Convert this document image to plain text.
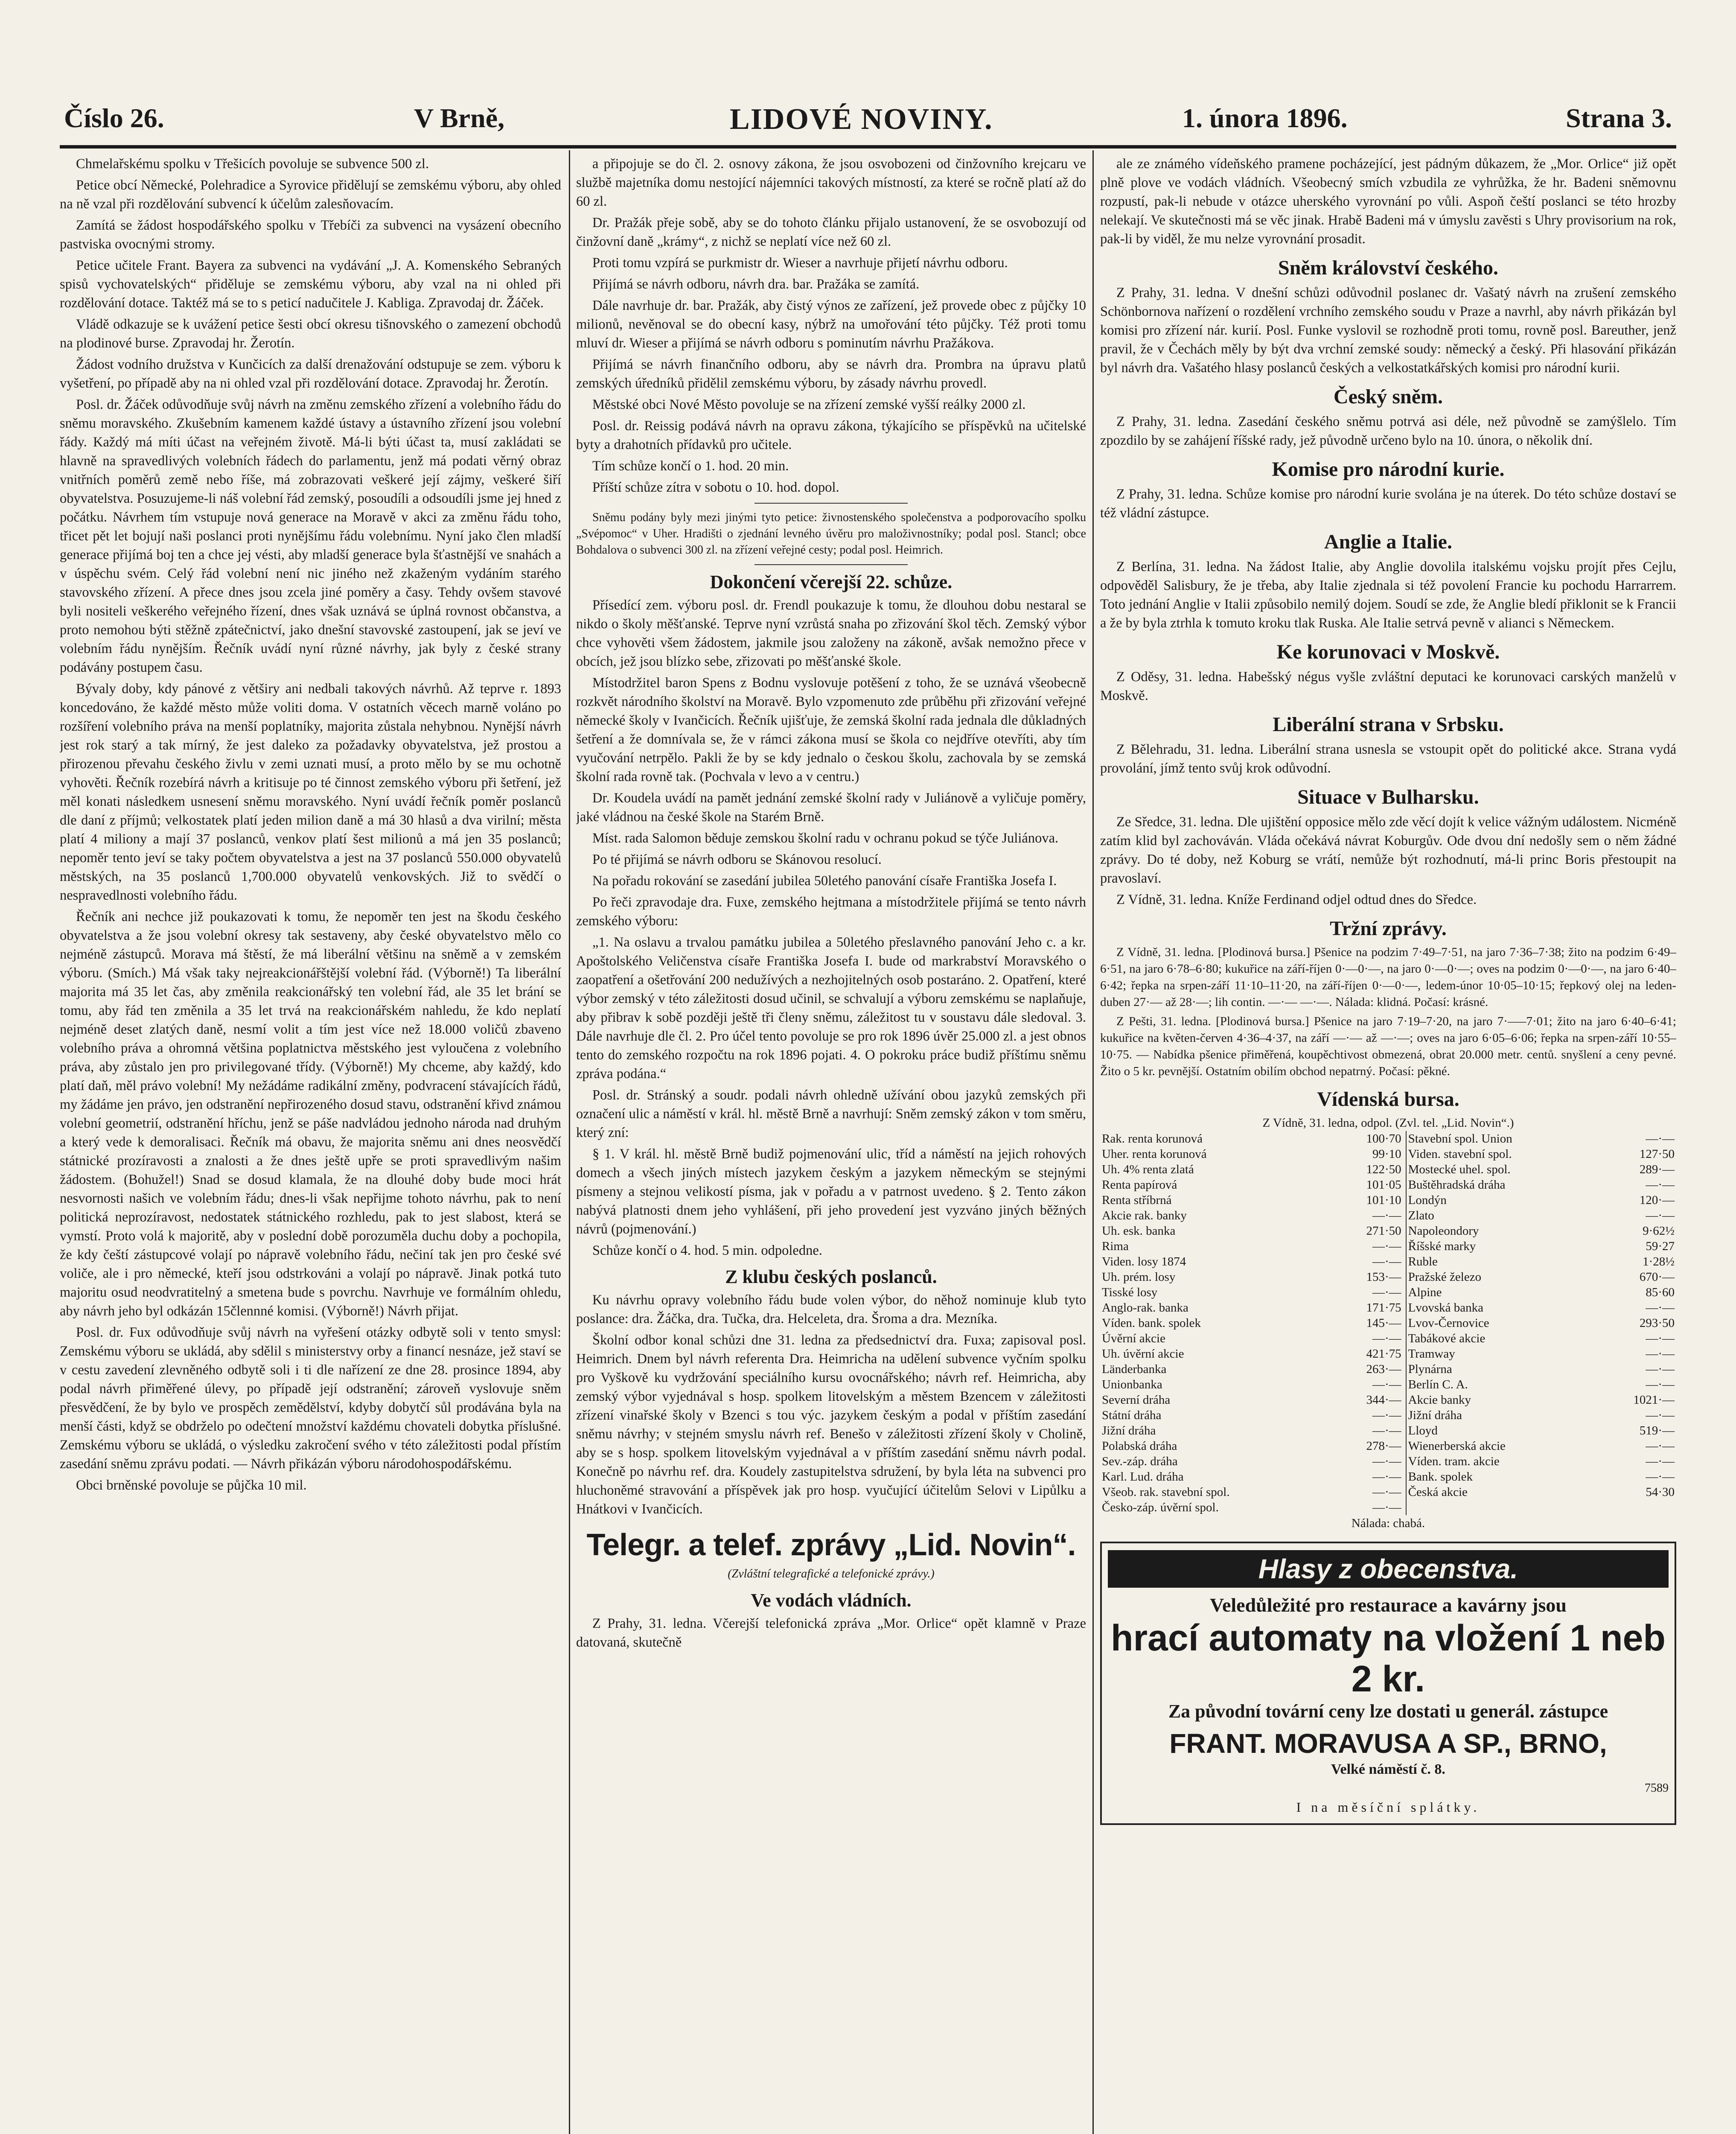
Číslo 26.	V Brně,	LIDOVÉ NOVINY.	1. února 1896.	Strana 3.

Chmelařskému spolku v Třešicích povoluje se subvence 500 zl.

Petice obcí Německé, Polehradice a Syrovice přidělují se zemskému výboru, aby ohled na ně vzal při rozdělování subvencí k účelům zalesňovacím.

Zamítá se žádost hospodářského spolku v Třebíči za subvenci na vysázení obecního pastviska ovocnými stromy.

Petice učitele Frant. Bayera za subvenci na vydávání „J. A. Komenského Sebraných spisů vychovatelských“ přiděluje se zemskému výboru, aby vzal na ni ohled při rozdělování dotace. Taktéž má se to s peticí nadučitele J. Kabliga. Zpravodaj dr. Žáček.

Vládě odkazuje se k uvážení petice šesti obcí okresu tišnovského o zamezení obchodů na plodinové burse. Zpravodaj hr. Žerotín.

Žádost vodního družstva v Kunčicích za další drenažování odstupuje se zem. výboru k vyšetření, po případě aby na ni ohled vzal při rozdělování dotace. Zpravodaj hr. Žerotín.

Posl. dr. Žáček odůvodňuje svůj návrh na změnu zemského zřízení a volebního řádu do sněmu moravského. Zkušebním kamenem každé ústavy a ústavního zřízení jsou volební řády. Každý má míti účast na veřejném životě. Má-li býti účast ta, musí zakládati se hlavně na spravedlivých volebních řádech do parlamentu, jenž má podati věrný obraz vnitřních poměrů země nebo říše, má zobrazovati veškeré její zájmy, veškeré šiří obyvatelstva. Posuzujeme-li náš volební řád zemský, posoudíli a odsoudíli jsme jej hned z počátku. Návrhem tím vstupuje nová generace na Moravě v akci za změnu řádu toho, třicet pět let bojují naši poslanci proti nynějšímu řádu volebnímu. Nyní jako člen mladší generace přijímá boj ten a chce jej vésti, aby mladší generace byla šťastnější ve snahách a v úspěchu svém. Celý řád volební není nic jiného než zkaženým vydáním starého stavovského zřízení. A přece dnes jsou zcela jiné poměry a časy. Tehdy ovšem stavové byli nositeli veškerého veřejného řízení, dnes však uznává se úplná rovnost občanstva, a proto nemohou býti stěžně zpátečnictví, jako dnešní stavovské zastoupení, jak se jeví ve volebním řádu nynějším. Řečník uvádí nyní různé návrhy, jak byly z české strany podávány postupem času.

Bývaly doby, kdy pánové z větširy ani nedbali takových návrhů. Až teprve r. 1893 koncedováno, že každé město může voliti doma. V ostatních věcech marně voláno po rozšíření volebního práva na menší poplatníky, majorita zůstala nehybnou. Nynější návrh jest rok starý a tak mírný, že jest daleko za požadavky obyvatelstva, jež prostou a přirozenou převahu českého živlu v zemi uznati musí, a proto mělo by se mu ochotně vyhověti. Řečník rozebírá návrh a kritisuje po té činnost zemského výboru při šetření, jež měl konati následkem usnesení sněmu moravského. Nyní uvádí řečník poměr poslanců dle daní z příjmů; velkostatek platí jeden milion daně a má 30 hlasů a dva virilní; města platí 4 miliony a mají 37 poslanců, venkov platí šest milionů a má jen 35 poslanců; nepoměr tento jeví se taky počtem obyvatelstva a jest na 37 poslanců 550.000 obyvatelů městských, na 35 poslanců 1,700.000 obyvatelů venkovských. Již to svědčí o nespravedlnosti volebního řádu.

Řečník ani nechce již poukazovati k tomu, že nepoměr ten jest na škodu českého obyvatelstva a že jsou volební okresy tak sestaveny, aby české obyvatelstvo mělo co nejméně zástupců. Morava má štěstí, že má liberální většinu na sněmě a v zemském výboru. (Smích.) Má však taky nejreakcionářštější volební řád. (Výborně!) Ta liberální majorita má 35 let čas, aby změnila reakcionářský ten volební řád, ale 35 let brání se tomu, aby řád ten změnila a 35 let trvá na reakcionářském nahledu, že kdo neplatí nejméně deset zlatých daně, nesmí volit a tím jest více než 18.000 voličů zbaveno volebního práva a ohromná většina poplatnictva městského jest vyloučena z volebního práva, aby zůstalo jen pro privilegované třídy. (Výborně!) My chceme, aby každý, kdo platí daň, měl právo volební! My nežádáme radikální změny, podvracení stávajících řádů, my žádáme jen právo, jen odstranění nepřirozeného dosud stavu, odstranění křivd známou volební geometrií, odstranění hříchu, jenž se páše nadvládou jednoho národa nad druhým a který vede k demoralisaci. Řečník má obavu, že majorita sněmu ani dnes neosvědčí státnické prozíravosti a znalosti a že dnes ještě upře se proti spravedlivým našim žádostem. (Bohužel!) Snad se dosud klamala, že na dlouhé doby bude moci hrát nesvornosti našich ve volebním řádu; dnes-li však nepřijme tohoto návrhu, pak to není politická neprozíravost, nedostatek státnického rozhledu, pak to jest slabost, která se vymstí. Proto volá k majoritě, aby v poslední době porozuměla duchu doby a pochopila, že kdy čeští zástupcové volají po nápravě volebního řádu, nečiní tak jen pro české své voliče, ale i pro německé, kteří jsou odstrkováni a volají po nápravě. Jinak potká tuto majoritu osud neodvratitelný a smetena bude s povrchu. Navrhuje ve formálním ohledu, aby návrh jeho byl odkázán 15člennné komisi. (Výborně!) Návrh přijat.

Posl. dr. Fux odůvodňuje svůj návrh na vyřešení otázky odbytě soli v tento smysl: Zemskému výboru se ukládá, aby sdělil s ministerstvy orby a financí nesnáze, jež staví se v cestu zavedení zlevněného odbytě soli i ti dle nařízení ze dne 28. prosince 1894, aby podal návrh přiměřené úlevy, po případě její odstranění; zároveň vyslovuje sněm přesvědčení, že by bylo ve prospěch zemědělství, kdyby dobytčí sůl prodávána byla na menší části, když se obdrželo po odečtení množství každému chovateli dobytka příslušné. Zemskému výboru se ukládá, o výsledku zakročení svého v této záležitosti podal přístím zasedání sněmu zprávu podati. — Návrh přikázán výboru národohospodářskému.

Obci brněnské povoluje se půjčka 10 mil.

a připojuje se do čl. 2. osnovy zákona, že jsou osvobozeni od činžovního krejcaru ve službě majetníka domu nestojící nájemníci takových místností, za které se ročně platí až do 60 zl.

Dr. Pražák přeje sobě, aby se do tohoto článku přijalo ustanovení, že se osvobozují od činžovní daně „krámy“, z nichž se neplatí více než 60 zl.

Proti tomu vzpírá se purkmistr dr. Wieser a navrhuje přijetí návrhu odboru.

Přijímá se návrh odboru, návrh dra. bar. Pražáka se zamítá.

Dále navrhuje dr. bar. Pražák, aby čistý výnos ze zařízení, jež provede obec z půjčky 10 milionů, nevěnoval se do obecní kasy, nýbrž na umořování této půjčky. Též proti tomu mluví dr. Wieser a přijímá se návrh odboru s pominutím návrhu Pražákova.

Přijímá se návrh finančního odboru, aby se návrh dra. Prombra na úpravu platů zemských úředníků přidělil zemskému výboru, by zásady návrhu provedl.

Městské obci Nové Město povoluje se na zřízení zemské vyšší reálky 2000 zl.

Posl. dr. Reissig podává návrh na opravu zákona, týkajícího se příspěvků na učitelské byty a drahotních přídavků pro učitele.

Tím schůze končí o 1. hod. 20 min.

Příští schůze zítra v sobotu o 10. hod. dopol.

Sněmu podány byly mezi jinými tyto petice: živnostenského společenstva a podporovacího spolku „Svépomoc“ v Uher. Hradišti o zjednání levného úvěru pro maloživnostníky; podal posl. Stancl; obce Bohdalova o subvenci 300 zl. na zřízení veřejné cesty; podal posl. Heimrich.

Dokončení včerejší 22. schůze.

Přísedící zem. výboru posl. dr. Frendl poukazuje k tomu, že dlouhou dobu nestaral se nikdo o školy měšťanské. Teprve nyní vzrůstá snaha po zřizování škol těch. Zemský výbor chce vyhověti všem žádostem, jakmile jsou založeny na zákoně, avšak nemožno přece v obcích, jež jsou blízko sebe, zřizovati po měšťanské škole.

Místodržitel baron Spens z Bodnu vyslovuje potěšení z toho, že se uznává všeobecně rozkvět národního školství na Moravě. Bylo vzpomenuto zde průběhu při zřizování veřejné německé školy v Ivančicích. Řečník ujišťuje, že zemská školní rada jednala dle důkladných šetření a že domnívala se, že v rámci zákona musí se škola co nejdříve otevříti, aby tím vyučování netrpělo. Pakli že by se kdy jednalo o českou školu, zachovala by se zemská školní rada rovně tak. (Pochvala v levo a v centru.)

Dr. Koudela uvádí na pamět jednání zemské školní rady v Juliánově a vyličuje poměry, jaké vládnou na české škole na Starém Brně.

Míst. rada Salomon běduje zemskou školní radu v ochranu pokud se týče Juliánova.

Po té přijímá se návrh odboru se Skánovou resolucí.

Na pořadu rokování se zasedání jubilea 50letého panování císaře Františka Josefa I.

Po řeči zpravodaje dra. Fuxe, zemského hejtmana a místodržitele přijímá se tento návrh zemského výboru:

„1. Na oslavu a trvalou památku jubilea a 50letého přeslavného panování Jeho c. a kr. Apoštolského Veličenstva císaře Františka Josefa I. bude od markrabství Moravského o zaopatření a ošetřování 200 nedužívých a nezhojitelných osob postaráno. 2. Opatření, které výbor zemský v této záležitosti dosud učinil, se schvalují a výboru zemskému se naplaňuje, aby přibrav k sobě později ještě tři členy sněmu, záležitost tu v soustavu dále sledoval. 3. Dále navrhuje dle čl. 2. Pro účel tento povoluje se pro rok 1896 úvěr 25.000 zl. a jest obnos tento do zemského rozpočtu na rok 1896 pojati. 4. O pokroku práce budiž příštímu sněmu zpráva podána.“

Posl. dr. Stránský a soudr. podali návrh ohledně užívání obou jazyků zemských při označení ulic a náměstí v král. hl. městě Brně a navrhují: Sněm zemský zákon v tom směru, který zní:

§ 1. V král. hl. městě Brně budiž pojmenování ulic, tříd a náměstí na jejich rohových domech a všech jiných místech jazykem českým a jazykem německým se stejnými písmeny a stejnou velikostí písma, jak v pořadu a v patrnost uvedeno. § 2. Tento zákon nabývá platnosti dnem jeho vyhlášení, při jeho provedení jest vyzváno jiných běžných návrů (pojmenování.)

Schůze končí o 4. hod. 5 min. odpoledne.

Z klubu českých poslanců.

Ku návrhu opravy volebního řádu bude volen výbor, do něhož nominuje klub tyto poslance: dra. Žáčka, dra. Tučka, dra. Helceleta, dra. Šroma a dra. Mezníka.

Školní odbor konal schůzi dne 31. ledna za předsednictví dra. Fuxa; zapisoval posl. Heimrich. Dnem byl návrh referenta Dra. Heimricha na udělení subvence vyčním spolku pro Vyškově ku vydržování speciálního kursu ovocnářského; návrh ref. Heimricha, aby zemský výbor vyjednával s hosp. spolkem litovelským a městem Bzencem v záležitosti zřízení vinařské školy v Bzenci s tou výc. jazykem českým a podal v příštím zasedání sněmu návrhy; v stejném smyslu návrh ref. Benešo v záležitosti zřízení školy v Cholině, aby se s hosp. spolkem litovelským vyjednával a v příštím zasedání sněmu návrh podal. Konečně po návrhu ref. dra. Koudely zastupitelstva sdružení, by byla léta na subvenci pro hluchoněmé stravování a příspěvek jak pro hosp. vyučující účitelům Selovi v Lipůlku a Hnátkovi v Ivančicích.

Telegr. a telef. zprávy „Lid. Novin“.
(Zvláštní telegrafické a telefonické zprávy.)
Ve vodách vládních.

Z Prahy, 31. ledna. Včerejší telefonická zpráva „Mor. Orlice“ opět klamně v Praze datovaná, skutečně

ale ze známého vídeňského pramene pocházející, jest pádným důkazem, že „Mor. Orlice“ již opět plně plove ve vodách vládních. Všeobecný smích vzbudila ze vyhrůžka, že hr. Badeni sněmovnu rozpustí, pak-li nebude v otázce uherského vyrovnání po vůli. Aspoň čeští poslanci se této hrozby nelekají. Ve skutečnosti má se věc jinak. Hrabě Badeni má v úmyslu zavěsti s Uhry provisorium na rok, pak-li by viděl, že mu nelze vyrovnání prosadit.

Sněm království českého.

Z Prahy, 31. ledna. V dnešní schůzi odůvodnil poslanec dr. Vašatý návrh na zrušení zemského Schönbornova nařízení o rozdělení vrchního zemského soudu v Praze a navrhl, aby návrh přikázán byl komisi pro zřízení nár. kurií. Posl. Funke vyslovil se rozhodně proti tomu, rovně posl. Bareuther, jenž pravil, že v Čechách měly by být dva vrchní zemské soudy: německý a český. Při hlasování přikázán byl návrh dra. Vašatého hlasy poslanců českých a velkostatkářských komisi pro národní kurii.

Český sněm.

Z Prahy, 31. ledna. Zasedání českého sněmu potrvá asi déle, než původně se zamýšlelo. Tím zpozdilo by se zahájení říšské rady, jež původně určeno bylo na 10. února, o několik dní.

Komise pro národní kurie.

Z Prahy, 31. ledna. Schůze komise pro národní kurie svolána je na úterek. Do této schůze dostaví se též vládní zástupce.

Anglie a Italie.

Z Berlína, 31. ledna. Na žádost Italie, aby Anglie dovolila italskému vojsku projít přes Cejlu, odpověděl Salisbury, že je třeba, aby Italie zjednala si též povolení Francie ku pochodu Harrarrem. Toto jednání Anglie v Italii způsobilo nemilý dojem. Soudí se zde, že Anglie bledí přiklonit se k Francii a že by byla ztrhla k tomuto kroku tlak Ruska. Ale Italie setrvá pevně v alianci s Německem.

Ke korunovaci v Moskvě.

Z Oděsy, 31. ledna. Habešský négus vyšle zvláštní deputaci ke korunovaci carských manželů v Moskvě.

Liberální strana v Srbsku.

Z Bělehradu, 31. ledna. Liberální strana usnesla se vstoupit opět do politické akce. Strana vydá provolání, jímž tento svůj krok odůvodní.

Situace v Bulharsku.

Ze Sředce, 31. ledna. Dle ujištění opposice mělo zde věcí dojít k velice vážným událostem. Nicméně zatím klid byl zachováván. Vláda očekává návrat Koburgův. Ode dvou dní nedošly sem o něm žádné zprávy. Do té doby, než Koburg se vrátí, nemůže být rozhodnutí, má-li princ Boris přestoupit na pravoslaví.

Z Vídně, 31. ledna. Kníže Ferdinand odjel odtud dnes do Sředce.

Tržní zprávy.

Z Vídně, 31. ledna. [Plodinová bursa.] Pšenice na podzim 7·49–7·51, na jaro 7·36–7·38; žito na podzim 6·49–6·51, na jaro 6·78–6·80; kukuřice na září-říjen 0·—0·—, na jaro 0·—0·—; oves na podzim 0·—0·—, na jaro 6·40–6·42; řepka na srpen-září 11·10–11·20, na září-říjen 0·—0·—, ledem-únor 10·05–10·15; řepkový olej na leden-duben 27·— až 28·—; lih contin. —·— —·—. Nálada: klidná. Počasí: krásné.

Z Pešti, 31. ledna. [Plodinová bursa.] Pšenice na jaro 7·19–7·20, na jaro 7·—–7·01; žito na jaro 6·40–6·41; kukuřice na květen-červen 4·36–4·37, na září —·— až —·—; oves na jaro 6·05–6·06; řepka na srpen-září 10·55–10·75. — Nabídka pšenice přiměřená, koupěchtivost obmezená, obrat 20.000 metr. centů. snyšlení a ceny pevné. Žito o 5 kr. pevnější. Ostatním obilím obchod nepatrný. Počasí: pěkné.

Vídenská bursa.
Z Vídně, 31. ledna, odpol. (Zvl. tel. „Lid. Novin“.)
Rak. renta korunová	100·70	Stavební spol. Union	—·—
Uher. renta korunová	99·10	Viden. stavební spol.	127·50
Uh. 4% renta zlatá	122·50	Mostecké uhel. spol.	289·—
Renta papírová	101·05	Buštěhradská dráha	—·—
Renta stříbrná	101·10	Londýn	120·—
Akcie rak. banky	—·—	Zlato	—·—
Uh. esk. banka	271·50	Napoleondory	9·62½
Rima	—·—	Říšské marky	59·27
Viden. losy 1874	—·—	Ruble	1·28½
Uh. prém. losy	153·—	Pražské železo	670·—
Tisské losy	—·—	Alpine	85·60
Anglo-rak. banka	171·75	Lvovská banka	—·—
Víden. bank. spolek	145·—	Lvov-Černovice	293·50
Úvěrní akcie	—·—	Tabákové akcie	—·—
Uh. úvěrní akcie	421·75	Tramway	—·—
Länderbanka	263·—	Plynárna	—·—
Unionbanka	—·—	Berlín C. A.	—·—
Severní dráha	344·—	Akcie banky	1021·—
Státní dráha	—·—	Jižní dráha	—·—
Jižní dráha	—·—	Lloyd	519·—
Polabská dráha	278·—	Wienerberská akcie	—·—
Sev.-záp. dráha	—·—	Víden. tram. akcie	—·—
Karl. Lud. dráha	—·—	Bank. spolek	—·—
Všeob. rak. stavební spol.	—·—	Česká akcie	54·30
Česko-záp. úvěrní spol.	—·—		
Nálada: chabá.
Hlasy z obecenstva.
Veledůležité pro restaurace a kavárny jsou
hrací automaty na vložení 1 neb 2 kr.
Za původní tovární ceny lze dostati u generál. zástupce
FRANT. MORAVUSA A SP., BRNO,
Velké náměstí č. 8.
7589
I na měsíční splátky.
